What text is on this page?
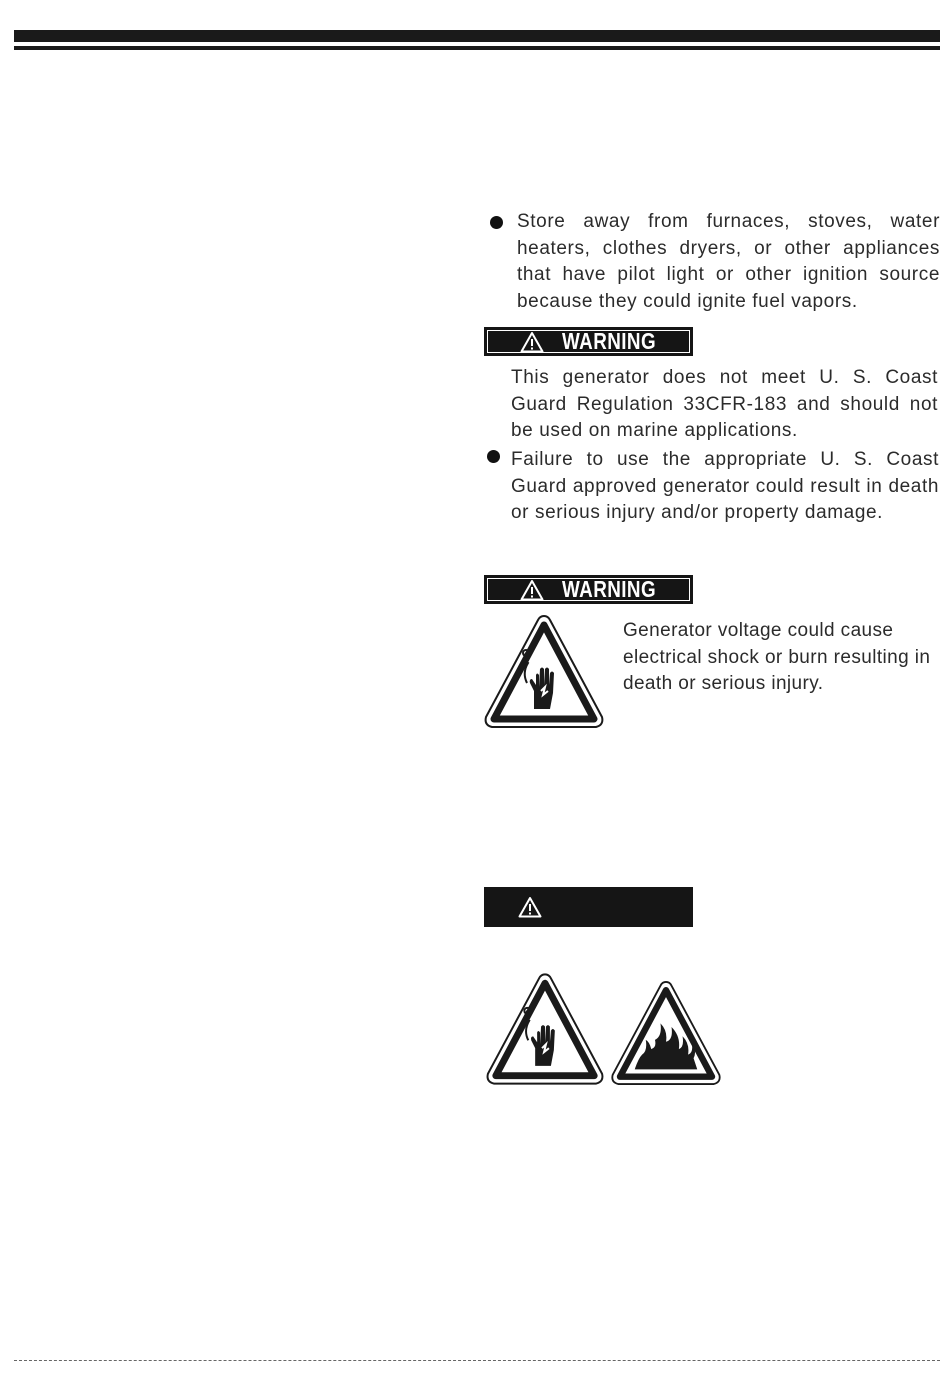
Store away from furnaces, stoves, water heaters, clothes dryers, or other appliances that have pilot light or other ignition source because they could ignite fuel vapors.

WARNING

This generator does not meet U. S. Coast Guard Regulation 33CFR-183 and should not be used on marine applications.

Failure to use the appropriate U. S. Coast Guard approved generator could result in death or serious injury and/or property damage.

WARNING

Generator voltage could cause electrical shock or burn resulting in death or serious injury.
